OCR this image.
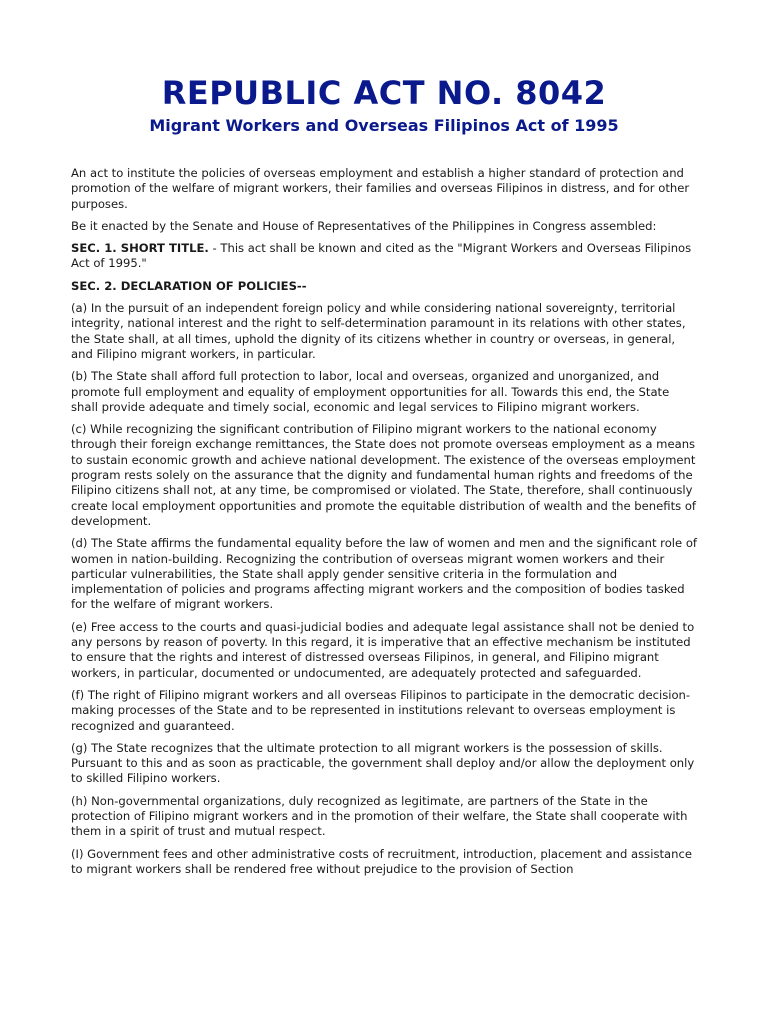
REPUBLIC ACT NO. 8042
Migrant Workers and Overseas Filipinos Act of 1995

An act to institute the policies of overseas employment and establish a higher standard of protection and promotion of the welfare of migrant workers, their families and overseas Filipinos in distress, and for other purposes.

Be it enacted by the Senate and House of Representatives of the Philippines in Congress assembled:

SEC. 1. SHORT TITLE. - This act shall be known and cited as the "Migrant Workers and Overseas Filipinos Act of 1995."

SEC. 2. DECLARATION OF POLICIES--

(a) In the pursuit of an independent foreign policy and while considering national sovereignty, territorial integrity, national interest and the right to self-determination paramount in its relations with other states, the State shall, at all times, uphold the dignity of its citizens whether in country or overseas, in general, and Filipino migrant workers, in particular.

(b) The State shall afford full protection to labor, local and overseas, organized and unorganized, and promote full employment and equality of employment opportunities for all. Towards this end, the State shall provide adequate and timely social, economic and legal services to Filipino migrant workers.

(c) While recognizing the significant contribution of Filipino migrant workers to the national economy through their foreign exchange remittances, the State does not promote overseas employment as a means to sustain economic growth and achieve national development. The existence of the overseas employment program rests solely on the assurance that the dignity and fundamental human rights and freedoms of the Filipino citizens shall not, at any time, be compromised or violated. The State, therefore, shall continuously create local employment opportunities and promote the equitable distribution of wealth and the benefits of development.

(d) The State affirms the fundamental equality before the law of women and men and the significant role of women in nation-building. Recognizing the contribution of overseas migrant women workers and their particular vulnerabilities, the State shall apply gender sensitive criteria in the formulation and implementation of policies and programs affecting migrant workers and the composition of bodies tasked for the welfare of migrant workers.

(e) Free access to the courts and quasi-judicial bodies and adequate legal assistance shall not be denied to any persons by reason of poverty. In this regard, it is imperative that an effective mechanism be instituted to ensure that the rights and interest of distressed overseas Filipinos, in general, and Filipino migrant workers, in particular, documented or undocumented, are adequately protected and safeguarded.

(f) The right of Filipino migrant workers and all overseas Filipinos to participate in the democratic decision-making processes of the State and to be represented in institutions relevant to overseas employment is recognized and guaranteed.

(g) The State recognizes that the ultimate protection to all migrant workers is the possession of skills. Pursuant to this and as soon as practicable, the government shall deploy and/or allow the deployment only to skilled Filipino workers.

(h) Non-governmental organizations, duly recognized as legitimate, are partners of the State in the protection of Filipino migrant workers and in the promotion of their welfare, the State shall cooperate with them in a spirit of trust and mutual respect.

(I) Government fees and other administrative costs of recruitment, introduction, placement and assistance to migrant workers shall be rendered free without prejudice to the provision of Section
